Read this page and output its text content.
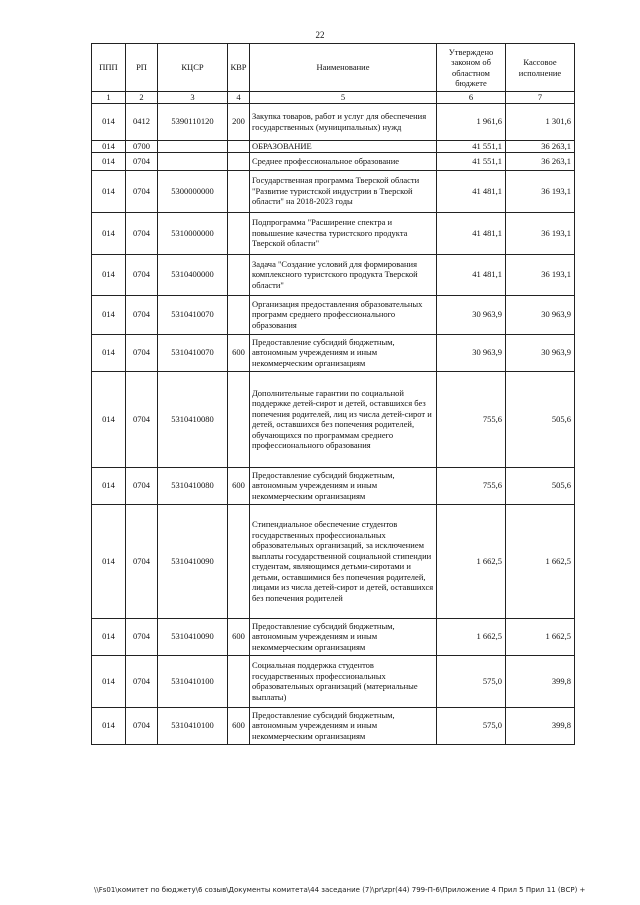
22
ППП	РП	КЦСР	КВР	Наименование	Утверждено законом об областном бюджете	Кассовое исполнение
1	2	3	4	5	6	7
014	0412	5390110120	200	Закупка товаров, работ и услуг для обеспечения государственных (муниципальных) нужд	1 961,6	1 301,6
014	0700			ОБРАЗОВАНИЕ	41 551,1	36 263,1
014	0704			Среднее профессиональное образование	41 551,1	36 263,1
014	0704	5300000000		Государственная программа Тверской области "Развитие туристской индустрии в Тверской области" на 2018-2023 годы	41 481,1	36 193,1
014	0704	5310000000		Подпрограмма "Расширение спектра и повышение качества туристского продукта Тверской области"	41 481,1	36 193,1
014	0704	5310400000		Задача "Создание условий для формирования комплексного туристского продукта Тверской области"	41 481,1	36 193,1
014	0704	5310410070		Организация предоставления образовательных программ среднего профессионального образования	30 963,9	30 963,9
014	0704	5310410070	600	Предоставление субсидий бюджетным, автономным учреждениям и иным некоммерческим организациям	30 963,9	30 963,9
014	0704	5310410080		Дополнительные гарантии по социальной поддержке детей-сирот и детей, оставшихся без попечения родителей, лиц из числа детей-сирот и детей, оставшихся без попечения родителей, обучающихся по программам среднего профессионального образования	755,6	505,6
014	0704	5310410080	600	Предоставление субсидий бюджетным, автономным учреждениям и иным некоммерческим организациям	755,6	505,6
014	0704	5310410090		Стипендиальное обеспечение студентов государственных профессиональных образовательных организаций, за исключением выплаты государственной социальной стипендии студентам, являющимся детьми-сиротами и детьми, оставшимися без попечения родителей, лицами из числа детей-сирот и детей, оставшихся без попечения родителей	1 662,5	1 662,5
014	0704	5310410090	600	Предоставление субсидий бюджетным, автономным учреждениям и иным некоммерческим организациям	1 662,5	1 662,5
014	0704	5310410100		Социальная поддержка студентов государственных профессиональных образовательных организаций (материальные выплаты)	575,0	399,8
014	0704	5310410100	600	Предоставление субсидий бюджетным, автономным учреждениям и иным некоммерческим организациям	575,0	399,8
\\Fs01\комитет по бюджету\6 созыв\Документы комитета\44 заседание (7)\pr\zpr(44) 799-П-6\Приложение 4 Прил 5 Прил 11 (ВСР) +
